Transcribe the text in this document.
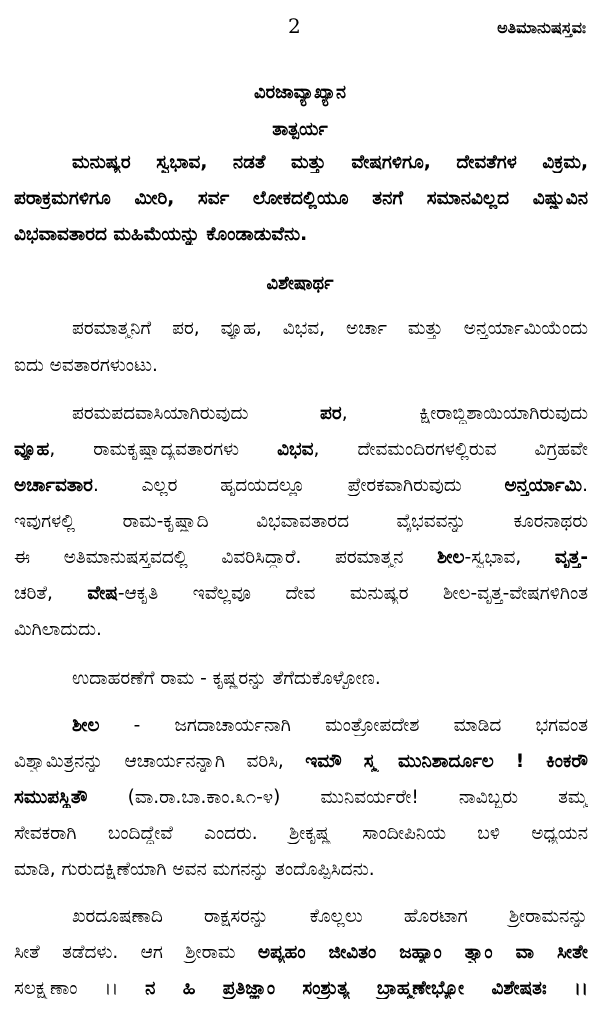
2	ಅತಿಮಾನುಷಸ್ತವಃ
ವಿರಜಾವ್ಯಾಖ್ಯಾನ
ತಾತ್ಪರ್ಯ
ಮನುಷ್ಯರ ಸ್ವಭಾವ, ನಡತೆ ಮತ್ತು ವೇಷಗಳಿಗೂ, ದೇವತೆಗಳ ವಿಕ್ರಮ,
ಪರಾಕ್ರಮಗಳಿಗೂ ಮೀರಿ, ಸರ್ವ ಲೋಕದಲ್ಲಿಯೂ ತನಗೆ ಸಮಾನವಿಲ್ಲದ ವಿಷ್ಣುವಿನ
ವಿಭವಾವತಾರದ ಮಹಿಮೆಯನ್ನು ಕೊಂಡಾಡುವೆನು.
ವಿಶೇಷಾರ್ಥ
ಪರಮಾತ್ಮನಿಗೆ ಪರ, ವ್ಯೂಹ, ವಿಭವ, ಅರ್ಚಾ ಮತ್ತು ಅನ್ತರ್ಯಾಮಿಯೆಂದು
ಐದು ಅವತಾರಗಳುಂಟು.
ಪರಮಪದವಾಸಿಯಾಗಿರುವುದು ಪರ, ಕ್ಷೀರಾಬ್ಧಿಶಾಯಿಯಾಗಿರುವುದು
ವ್ಯೂಹ, ರಾಮಕೃಷ್ಣಾದ್ಯವತಾರಗಳು ವಿಭವ, ದೇವಮಂದಿರಗಳಲ್ಲಿರುವ ವಿಗ್ರಹವೇ
ಅರ್ಚಾವತಾರ. ಎಲ್ಲರ ಹೃದಯದಲ್ಲೂ ಪ್ರೇರಕವಾಗಿರುವುದು ಅನ್ತರ್ಯಾಮಿ.
ಇವುಗಳಲ್ಲಿ ರಾಮ-ಕೃಷ್ಣಾದಿ ವಿಭವಾವತಾರದ ವೈಭವವನ್ನು ಕೂರನಾಥರು
ಈ ಅತಿಮಾನುಷಸ್ತವದಲ್ಲಿ ವಿವರಿಸಿದ್ದಾರೆ. ಪರಮಾತ್ಮನ ಶೀಲ-ಸ್ವಭಾವ, ವೃತ್ತ-
ಚರಿತೆ, ವೇಷ-ಆಕೃತಿ ಇವೆಲ್ಲವೂ ದೇವ ಮನುಷ್ಯರ ಶೀಲ-ವೃತ್ತ-ವೇಷಗಳಿಗಿಂತ
ಮಿಗಿಲಾದುದು.
ಉದಾಹರಣೆಗೆ ರಾಮ - ಕೃಷ್ಣರನ್ನು ತೆಗೆದುಕೊಳ್ಳೋಣ.
ಶೀಲ - ಜಗದಾಚಾರ್ಯನಾಗಿ ಮಂತ್ರೋಪದೇಶ ಮಾಡಿದ ಭಗವಂತ
ವಿಶ್ವಾಮಿತ್ರನನ್ನು ಆಚಾರ್ಯನನ್ನಾಗಿ ವರಿಸಿ, ಇಮೌ ಸ್ಮ ಮುನಿಶಾರ್ದೂಲ ! ಕಿಂಕರೌ
ಸಮುಪಸ್ಥಿತೌ (ವಾ.ರಾ.ಬಾ.ಕಾಂ.೩೧-೪) ಮುನಿವರ್ಯರೇ! ನಾವಿಬ್ಬರು ತಮ್ಮ
ಸೇವಕರಾಗಿ ಬಂದಿದ್ದೇವೆ ಎಂದರು. ಶ್ರೀಕೃಷ್ಣ ಸಾಂದೀಪಿನಿಯ ಬಳಿ ಅಧ್ಯಯನ
ಮಾಡಿ, ಗುರುದಕ್ಷಿಣೆಯಾಗಿ ಅವನ ಮಗನನ್ನು ತಂದೊಪ್ಪಿಸಿದನು.
ಖರದೂಷಣಾದಿ ರಾಕ್ಷಸರನ್ನು ಕೊಲ್ಲಲು ಹೊರಟಾಗ ಶ್ರೀರಾಮನನ್ನು
ಸೀತೆ ತಡೆದಳು. ಆಗ ಶ್ರೀರಾಮ ಅಪ್ಯಹಂ ಜೀವಿತಂ ಜಹ್ಯಾಂ ತ್ವಾಂ ವಾ ಸೀತೇ
ಸಲಕ್ಷ್ಮಣಾಂ ।। ನ ಹಿ ಪ್ರತಿಜ್ಞಾಂ ಸಂಶ್ರುತ್ಯ ಬ್ರಾಹ್ಮಣೇಭ್ಯೋ ವಿಶೇಷತಃ ।।
